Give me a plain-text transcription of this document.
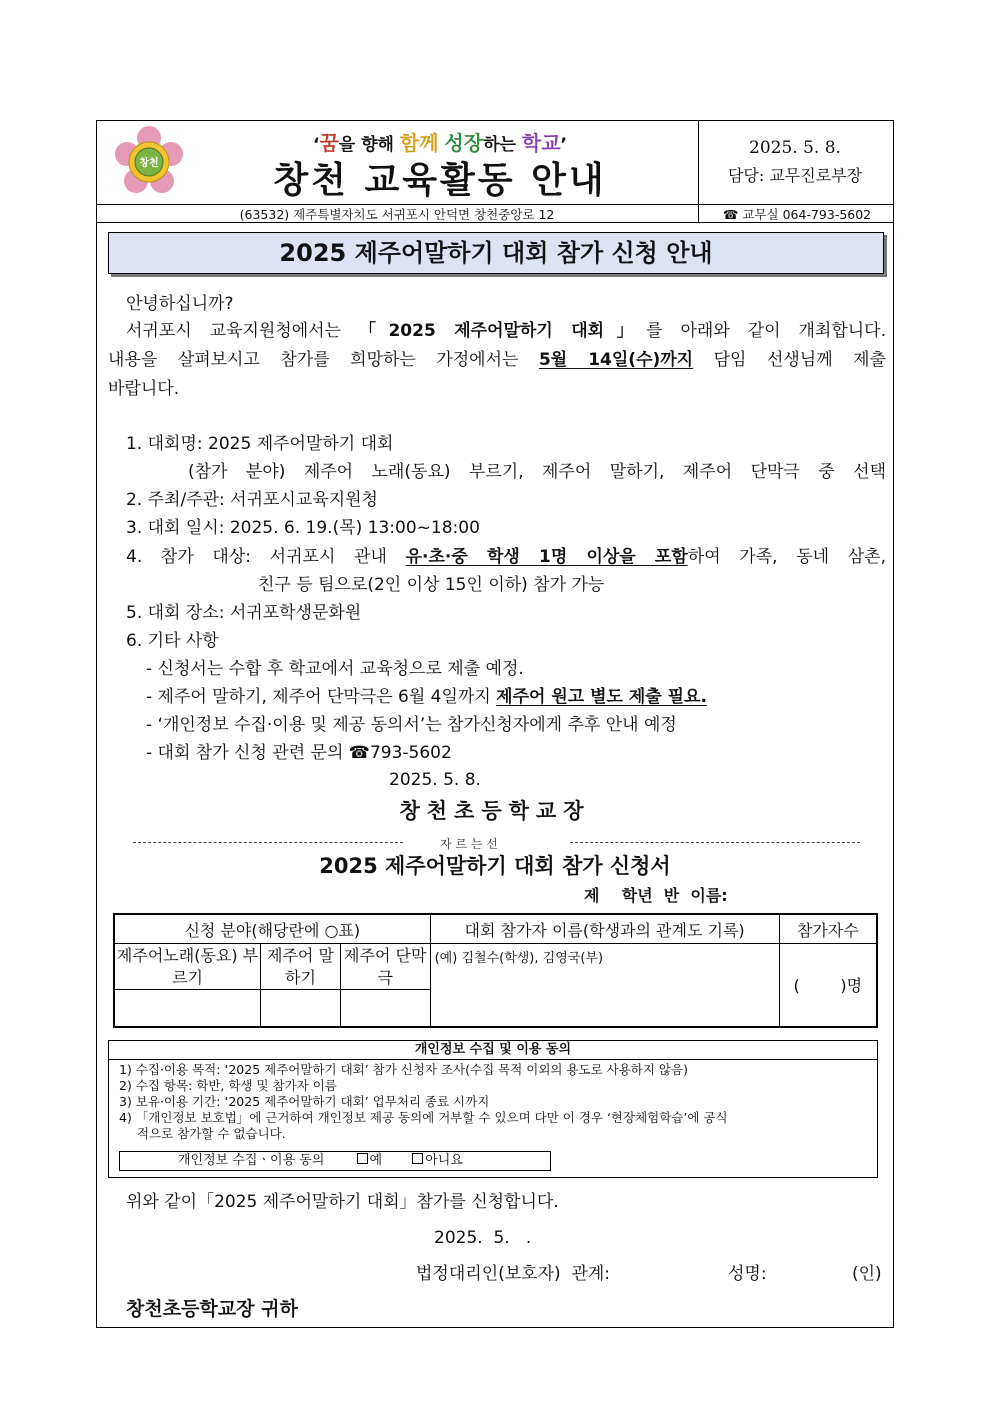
창천
‘꿈을 향해 함께 성장하는 학교’
창천 교육활동 안내
2025. 5. 8.
담당: 교무진로부장
(63532) 제주특별자치도 서귀포시 안덕면 창천중앙로 12	☎ 교무실 064-793-5602
2025 제주어말하기 대회 참가 신청 안내
안녕하십니까?
서귀포시 교육지원청에서는 「2025 제주어말하기 대회」를 아래와 같이 개최합니다.
내용을 살펴보시고 참가를 희망하는 가정에서는 5월 14일(수)까지 담임 선생님께 제출
바랍니다.
1. 대회명: 2025 제주어말하기 대회
(참가 분야) 제주어 노래(동요) 부르기, 제주어 말하기, 제주어 단막극 중 선택
2. 주최/주관: 서귀포시교육지원청
3. 대회 일시: 2025. 6. 19.(목) 13:00~18:00
4. 참가 대상: 서귀포시 관내 유·초·중 학생 1명 이상을 포함하여 가족, 동네 삼촌,
친구 등 팀으로(2인 이상 15인 이하) 참가 가능
5. 대회 장소: 서귀포학생문화원
6. 기타 사항
- 신청서는 수합 후 학교에서 교육청으로 제출 예정.
- 제주어 말하기, 제주어 단막극은 6월 4일까지 제주어 원고 별도 제출 필요.
- ‘개인정보 수집·이용 및 제공 동의서’는 참가신청자에게 추후 안내 예정
- 대회 참가 신청 관련 문의 ☎793-5602
2025. 5. 8.
창천초등학교장
자 르 는 선
2025 제주어말하기 대회 참가 신청서
제    학년  반  이름:
신청 분야(해당란에 ○표)			대회 참가자 이름(학생과의 관계도 기록)	참가자수
제주어노래(동요) 부르기	제주어 말하기	제주어 단막극	(예) 김철수(학생), 김영국(부)	(        )명

개인정보 수집 및 이용 동의
1) 수집·이용 목적: ‘2025 제주어말하기 대회’ 참가 신청자 조사(수집 목적 이외의 용도로 사용하지 않음)
2) 수집 항목: 학반, 학생 및 참가자 이름
3) 보유·이용 기간: ‘2025 제주어말하기 대회’ 업무처리 종료 시까지
4) 「개인정보 보호법」에 근거하여 개인정보 제공 동의에 거부할 수 있으며 다만 이 경우 ‘현장체험학습’에 공식
적으로 참가할 수 없습니다.
개인정보 수집ㆍ이용 동의	예	아니요
위와 같이「2025 제주어말하기 대회」참가를 신청합니다.
2025.  5.   .
법정대리인(보호자)  관계:	성명:	(인)
창천초등학교장 귀하
